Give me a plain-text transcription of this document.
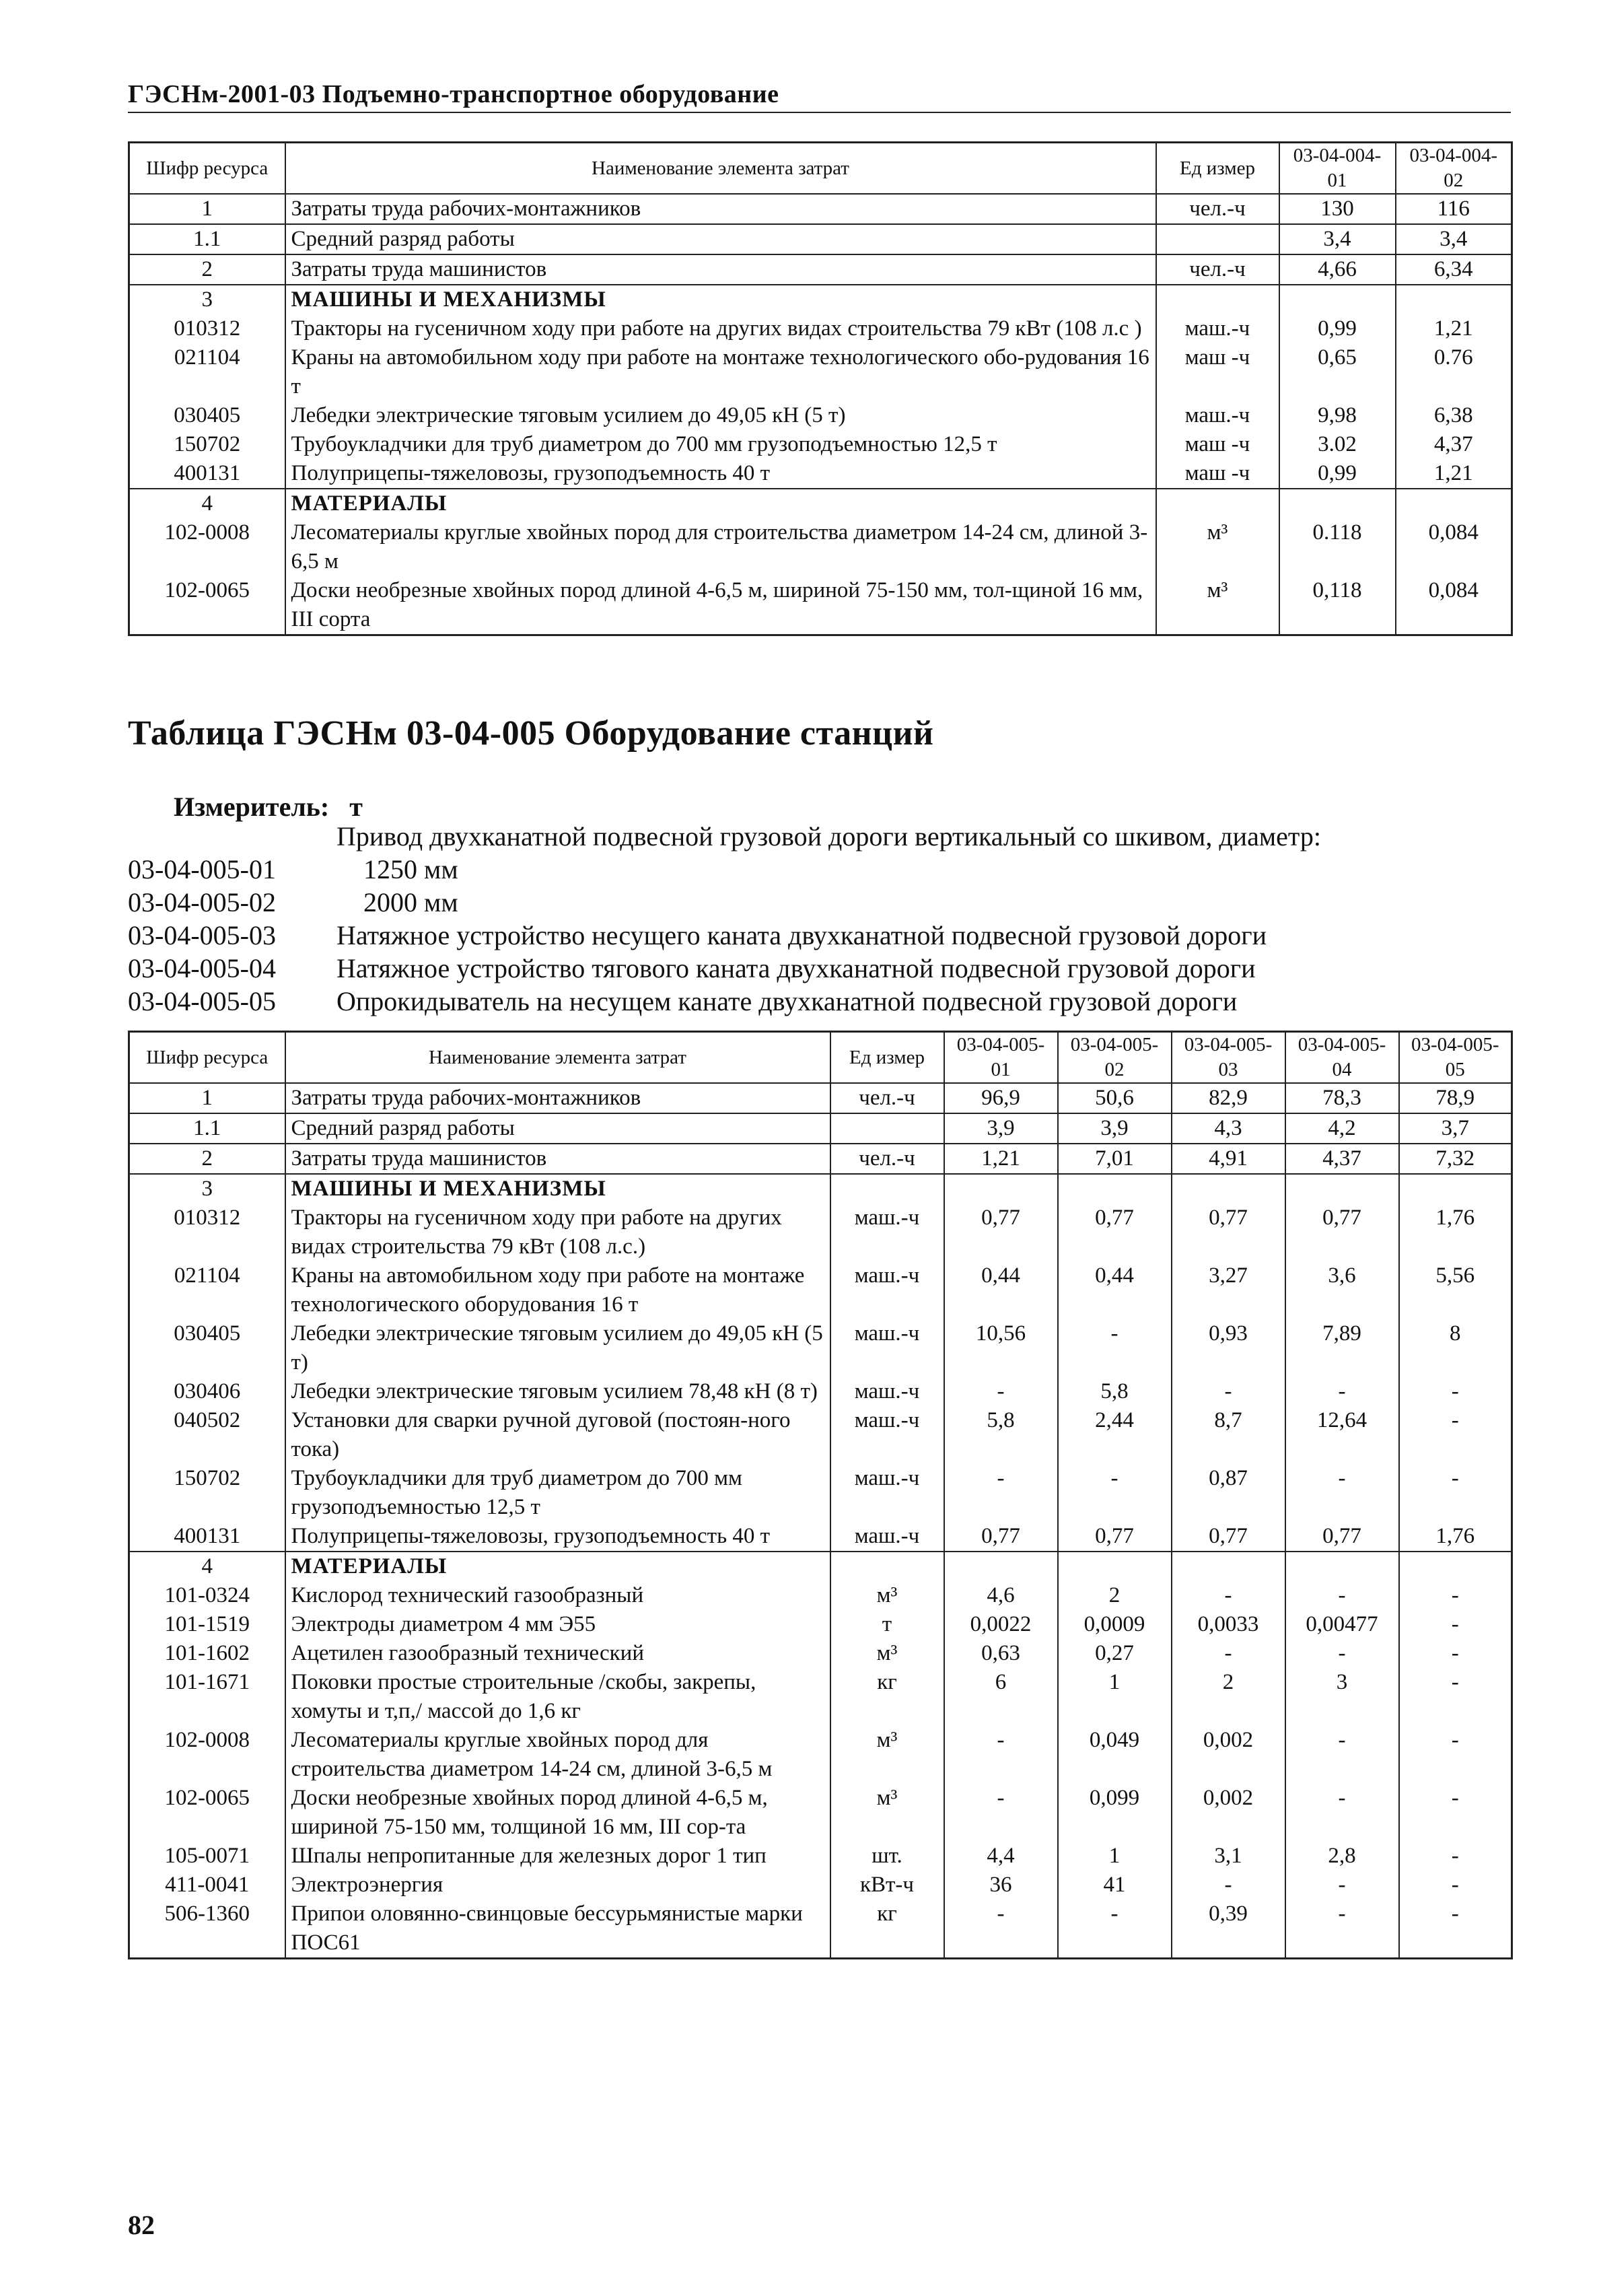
ГЭСНм-2001-03 Подъемно-транспортное оборудование
Шифр ресурса	Наименование элемента затрат	Ед измер	03-04-004-01	03-04-004-02
1	Затраты труда рабочих-монтажников	чел.-ч	130	116
1.1	Средний разряд работы		3,4	3,4
2	Затраты труда машинистов	чел.-ч	4,66	6,34
3	МАШИНЫ И МЕХАНИЗМЫ			
010312	Тракторы на гусеничном ходу при работе на других видах строительства 79 кВт (108 л.с )	маш.-ч	0,99	1,21
021104	Краны на автомобильном ходу при работе на монтаже технологического обо-рудования 16 т	маш -ч	0,65	0.76
030405	Лебедки электрические тяговым усилием до 49,05 кН (5 т)	маш.-ч	9,98	6,38
150702	Трубоукладчики для труб диаметром до 700 мм грузоподъемностью 12,5 т	маш -ч	3.02	4,37
400131	Полуприцепы-тяжеловозы, грузоподъемность 40 т	маш -ч	0,99	1,21
4	МАТЕРИАЛЫ			
102-0008	Лесоматериалы круглые хвойных пород для строительства диаметром 14-24 см, длиной 3-6,5 м	м³	0.118	0,084
102-0065	Доски необрезные хвойных пород длиной 4-6,5 м, шириной 75-150 мм, тол-щиной 16 мм, III сорта	м³	0,118	0,084
Таблица ГЭСНм 03-04-005 Оборудование станций
Измеритель: т
Привод двухканатной подвесной грузовой дороги вертикальный со шкивом, диаметр:
03-04-005-01	1250 мм
03-04-005-02	2000 мм
03-04-005-03 Натяжное устройство несущего каната двухканатной подвесной грузовой дороги
03-04-005-04 Натяжное устройство тягового каната двухканатной подвесной грузовой дороги
03-04-005-05 Опрокидыватель на несущем канате двухканатной подвесной грузовой дороги
Шифр ресурса	Наименование элемента затрат	Ед измер	03-04-005-01	03-04-005-02	03-04-005-03	03-04-005-04	03-04-005-05
1	Затраты труда рабочих-монтажников	чел.-ч	96,9	50,6	82,9	78,3	78,9
1.1	Средний разряд работы		3,9	3,9	4,3	4,2	3,7
2	Затраты труда машинистов	чел.-ч	1,21	7,01	4,91	4,37	7,32
3	МАШИНЫ И МЕХАНИЗМЫ						
010312	Тракторы на гусеничном ходу при работе на других видах строительства 79 кВт (108 л.с.)	маш.-ч	0,77	0,77	0,77	0,77	1,76
021104	Краны на автомобильном ходу при работе на монтаже технологического оборудования 16 т	маш.-ч	0,44	0,44	3,27	3,6	5,56
030405	Лебедки электрические тяговым усилием до 49,05 кН (5 т)	маш.-ч	10,56	-	0,93	7,89	8
030406	Лебедки электрические тяговым усилием 78,48 кН (8 т)	маш.-ч	-	5,8	-	-	-
040502	Установки для сварки ручной дуговой (постоян-ного тока)	маш.-ч	5,8	2,44	8,7	12,64	-
150702	Трубоукладчики для труб диаметром до 700 мм грузоподъемностью 12,5 т	маш.-ч	-	-	0,87	-	-
400131	Полуприцепы-тяжеловозы, грузоподъемность 40 т	маш.-ч	0,77	0,77	0,77	0,77	1,76
4	МАТЕРИАЛЫ						
101-0324	Кислород технический газообразный	м³	4,6	2	-	-	-
101-1519	Электроды диаметром 4 мм Э55	т	0,0022	0,0009	0,0033	0,00477	-
101-1602	Ацетилен газообразный технический	м³	0,63	0,27	-	-	-
101-1671	Поковки простые строительные /скобы, закрепы, хомуты и т,п,/ массой до 1,6 кг	кг	6	1	2	3	-
102-0008	Лесоматериалы круглые хвойных пород для строительства диаметром 14-24 см, длиной 3-6,5 м	м³	-	0,049	0,002	-	-
102-0065	Доски необрезные хвойных пород длиной 4-6,5 м, шириной 75-150 мм, толщиной 16 мм, III сор-та	м³	-	0,099	0,002	-	-
105-0071	Шпалы непропитанные для железных дорог 1 тип	шт.	4,4	1	3,1	2,8	-
411-0041	Электроэнергия	кВт-ч	36	41	-	-	-
506-1360	Припои оловянно-свинцовые бессурьмянистые марки ПОС61	кг	-	-	0,39	-	-
82
